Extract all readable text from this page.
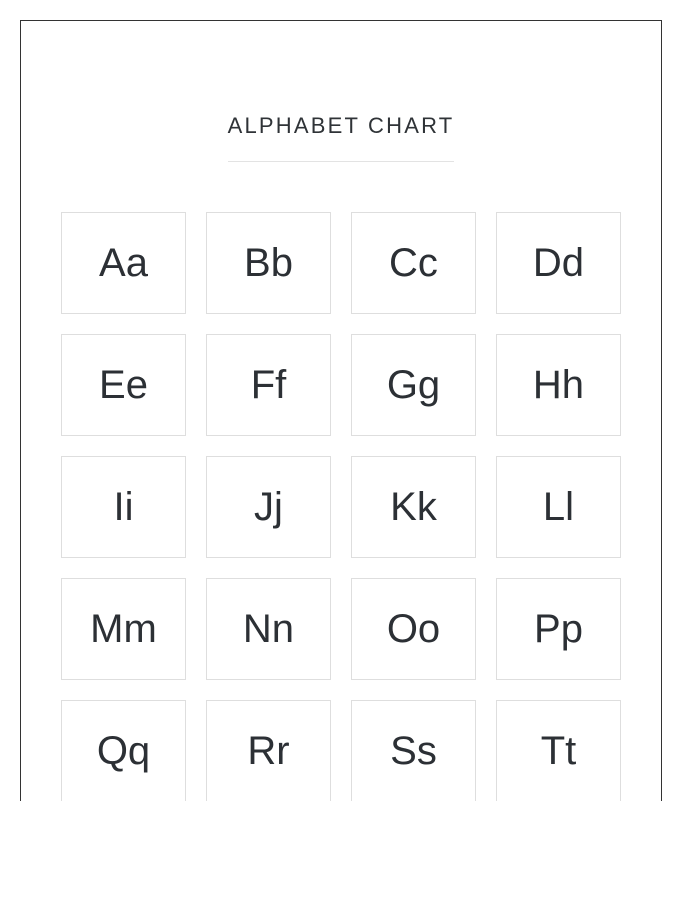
ALPHABET CHART
Aa	Bb	Cc	Dd
Ee	Ff	Gg	Hh
Ii	Jj	Kk	Ll
Mm	Nn	Oo	Pp
Qq	Rr	Ss	Tt
